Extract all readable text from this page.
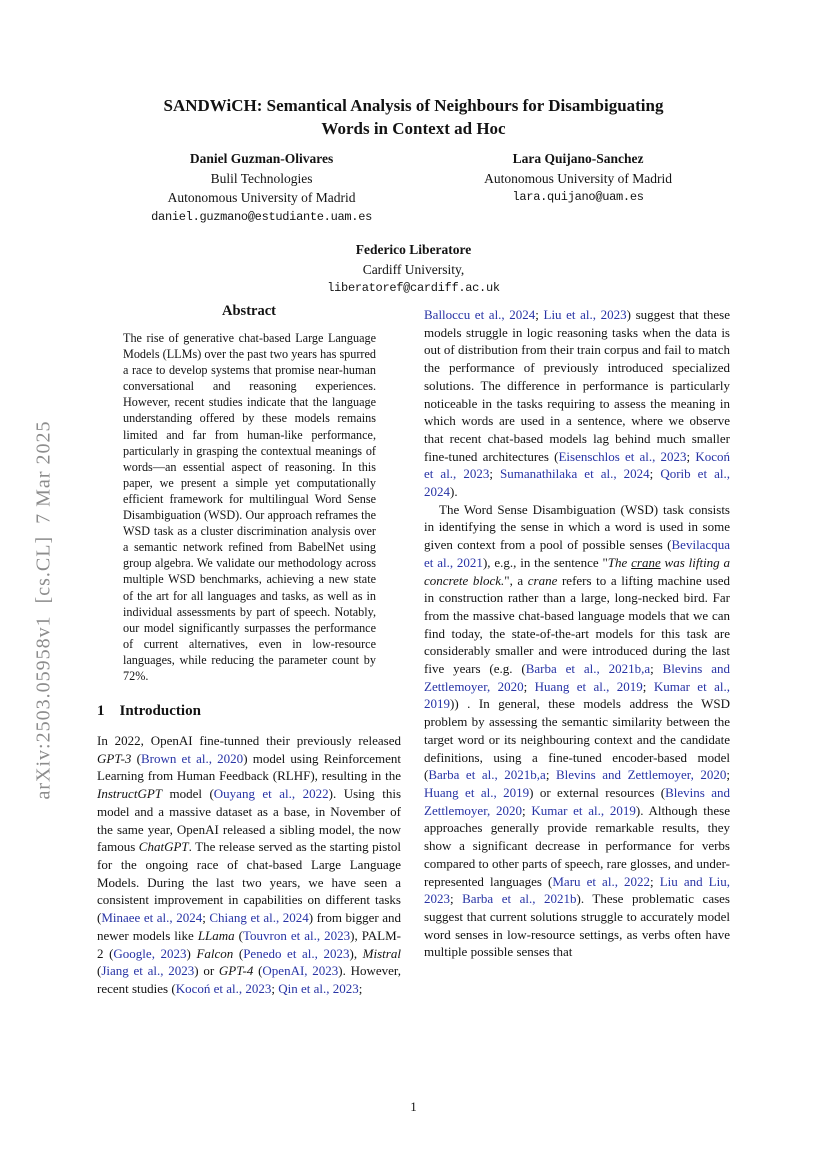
arXiv:2503.05958v1  [cs.CL]  7 Mar 2025
SANDWiCH: Semantical Analysis of Neighbours for Disambiguating
Words in Context ad Hoc
Daniel Guzman-Olivares
Bulil Technologies
Autonomous University of Madrid
daniel.guzmano@estudiante.uam.es
Lara Quijano-Sanchez
Autonomous University of Madrid
lara.quijano@uam.es
Federico Liberatore
Cardiff University,
liberatoref@cardiff.ac.uk
Abstract
The rise of generative chat-based Large Language Models (LLMs) over the past two years has spurred a race to develop systems that promise near-human conversational and reasoning experiences. However, recent studies indicate that the language understanding offered by these models remains limited and far from human-like performance, particularly in grasping the contextual meanings of words—an essential aspect of reasoning. In this paper, we present a simple yet computationally efficient framework for multilingual Word Sense Disambiguation (WSD). Our approach reframes the WSD task as a cluster discrimination analysis over a semantic network refined from BabelNet using group algebra. We validate our methodology across multiple WSD benchmarks, achieving a new state of the art for all languages and tasks, as well as in individual assessments by part of speech. Notably, our model significantly surpasses the performance of current alternatives, even in low-resource languages, while reducing the parameter count by 72%.
1 Introduction

In 2022, OpenAI fine-tunned their previously released GPT-3 (Brown et al., 2020) model using Reinforcement Learning from Human Feedback (RLHF), resulting in the InstructGPT model (Ouyang et al., 2022). Using this model and a massive dataset as a base, in November of the same year, OpenAI released a sibling model, the now famous ChatGPT. The release served as the starting pistol for the ongoing race of chat-based Large Language Models. During the last two years, we have seen a consistent improvement in capabilities on different tasks (Minaee et al., 2024; Chiang et al., 2024) from bigger and newer models like LLama (Touvron et al., 2023), PALM-2 (Google, 2023) Falcon (Penedo et al., 2023), Mistral (Jiang et al., 2023) or GPT-4 (OpenAI, 2023). However, recent studies (Kocoń et al., 2023; Qin et al., 2023;

Balloccu et al., 2024; Liu et al., 2023) suggest that these models struggle in logic reasoning tasks when the data is out of distribution from their train corpus and fail to match the performance of previously introduced specialized solutions. The difference in performance is particularly noticeable in the tasks requiring to assess the meaning in which words are used in a sentence, where we observe that recent chat-based models lag behind much smaller fine-tuned architectures (Eisenschlos et al., 2023; Kocoń et al., 2023; Sumanathilaka et al., 2024; Qorib et al., 2024).

The Word Sense Disambiguation (WSD) task consists in identifying the sense in which a word is used in some given context from a pool of possible senses (Bevilacqua et al., 2021), e.g., in the sentence "The crane was lifting a concrete block.", a crane refers to a lifting machine used in construction rather than a large, long-necked bird. Far from the massive chat-based language models that we can find today, the state-of-the-art models for this task are considerably smaller and were introduced during the last five years (e.g. (Barba et al., 2021b,a; Blevins and Zettlemoyer, 2020; Huang et al., 2019; Kumar et al., 2019)) . In general, these models address the WSD problem by assessing the semantic similarity between the target word or its neighbouring context and the candidate definitions, using a fine-tuned encoder-based model (Barba et al., 2021b,a; Blevins and Zettlemoyer, 2020; Huang et al., 2019) or external resources (Blevins and Zettlemoyer, 2020; Kumar et al., 2019). Although these approaches generally provide remarkable results, they show a significant decrease in performance for verbs compared to other parts of speech, rare glosses, and under-represented languages (Maru et al., 2022; Liu and Liu, 2023; Barba et al., 2021b). These problematic cases suggest that current solutions struggle to accurately model word senses in low-resource settings, as verbs often have multiple possible senses that

1
